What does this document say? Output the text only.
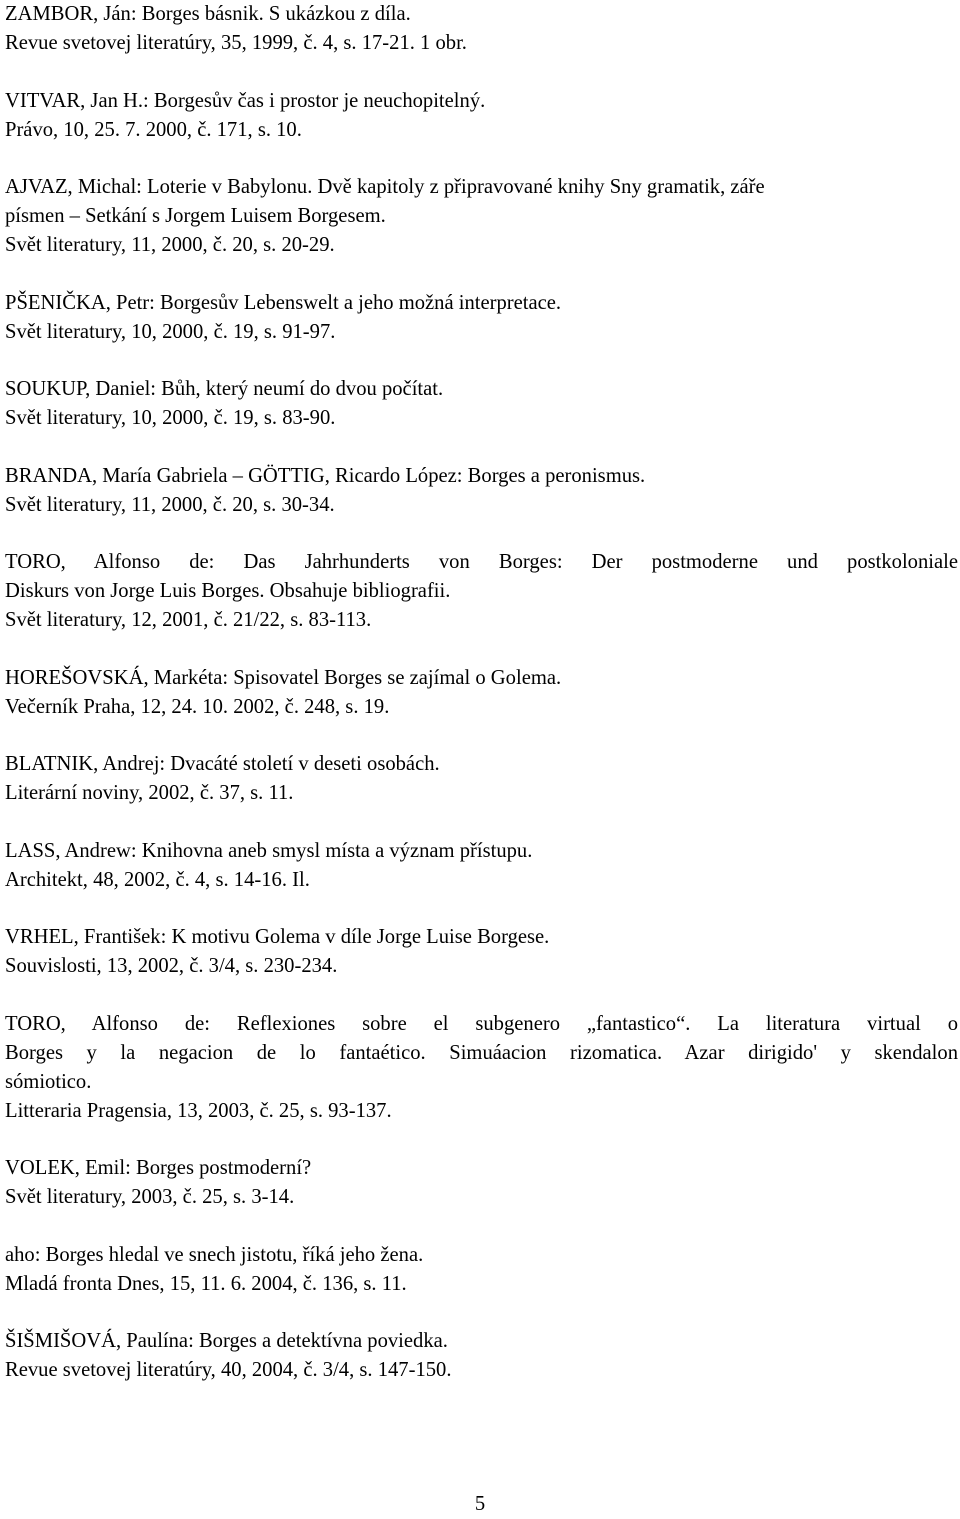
ZAMBOR, Ján: Borges básnik. S ukázkou z díla.
Revue svetovej literatúry, 35, 1999, č. 4, s. 17-21. 1 obr.
VITVAR, Jan H.: Borgesův čas i prostor je neuchopitelný.
Právo, 10, 25. 7. 2000, č. 171, s. 10.
AJVAZ, Michal: Loterie v Babylonu. Dvě kapitoly z připravované knihy Sny gramatik, záře
písmen – Setkání s Jorgem Luisem Borgesem.
Svět literatury, 11, 2000, č. 20, s. 20-29.
PŠENIČKA, Petr: Borgesův Lebenswelt a jeho možná interpretace.
Svět literatury, 10, 2000, č. 19, s. 91-97.
SOUKUP, Daniel: Bůh, který neumí do dvou počítat.
Svět literatury, 10, 2000, č. 19, s. 83-90.
BRANDA, María Gabriela – GÖTTIG, Ricardo López: Borges a peronismus.
Svět literatury, 11, 2000, č. 20, s. 30-34.
TORO, Alfonso de: Das Jahrhunderts von Borges: Der postmoderne und postkoloniale
Diskurs von Jorge Luis Borges. Obsahuje bibliografii.
Svět literatury, 12, 2001, č. 21/22, s. 83-113.
HOREŠOVSKÁ, Markéta: Spisovatel Borges se zajímal o Golema.
Večerník Praha, 12, 24. 10. 2002, č. 248, s. 19.
BLATNIK, Andrej: Dvacáté století v deseti osobách.
Literární noviny, 2002, č. 37, s. 11.
LASS, Andrew: Knihovna aneb smysl místa a význam přístupu.
Architekt, 48, 2002, č. 4, s. 14-16. Il.
VRHEL, František: K motivu Golema v díle Jorge Luise Borgese.
Souvislosti, 13, 2002, č. 3/4, s. 230-234.
TORO, Alfonso de: Reflexiones sobre el subgenero „fantastico“. La literatura virtual o
Borges y la negacion de lo fantaético. Simuáacion rizomatica. Azar dirigido' y skendalon
sómiotico.
Litteraria Pragensia, 13, 2003, č. 25, s. 93-137.
VOLEK, Emil: Borges postmoderní?
Svět literatury, 2003, č. 25, s. 3-14.
aho: Borges hledal ve snech jistotu, říká jeho žena.
Mladá fronta Dnes, 15, 11. 6. 2004, č. 136, s. 11.
ŠIŠMIŠOVÁ, Paulína: Borges a detektívna poviedka.
Revue svetovej literatúry, 40, 2004, č. 3/4, s. 147-150.
5
